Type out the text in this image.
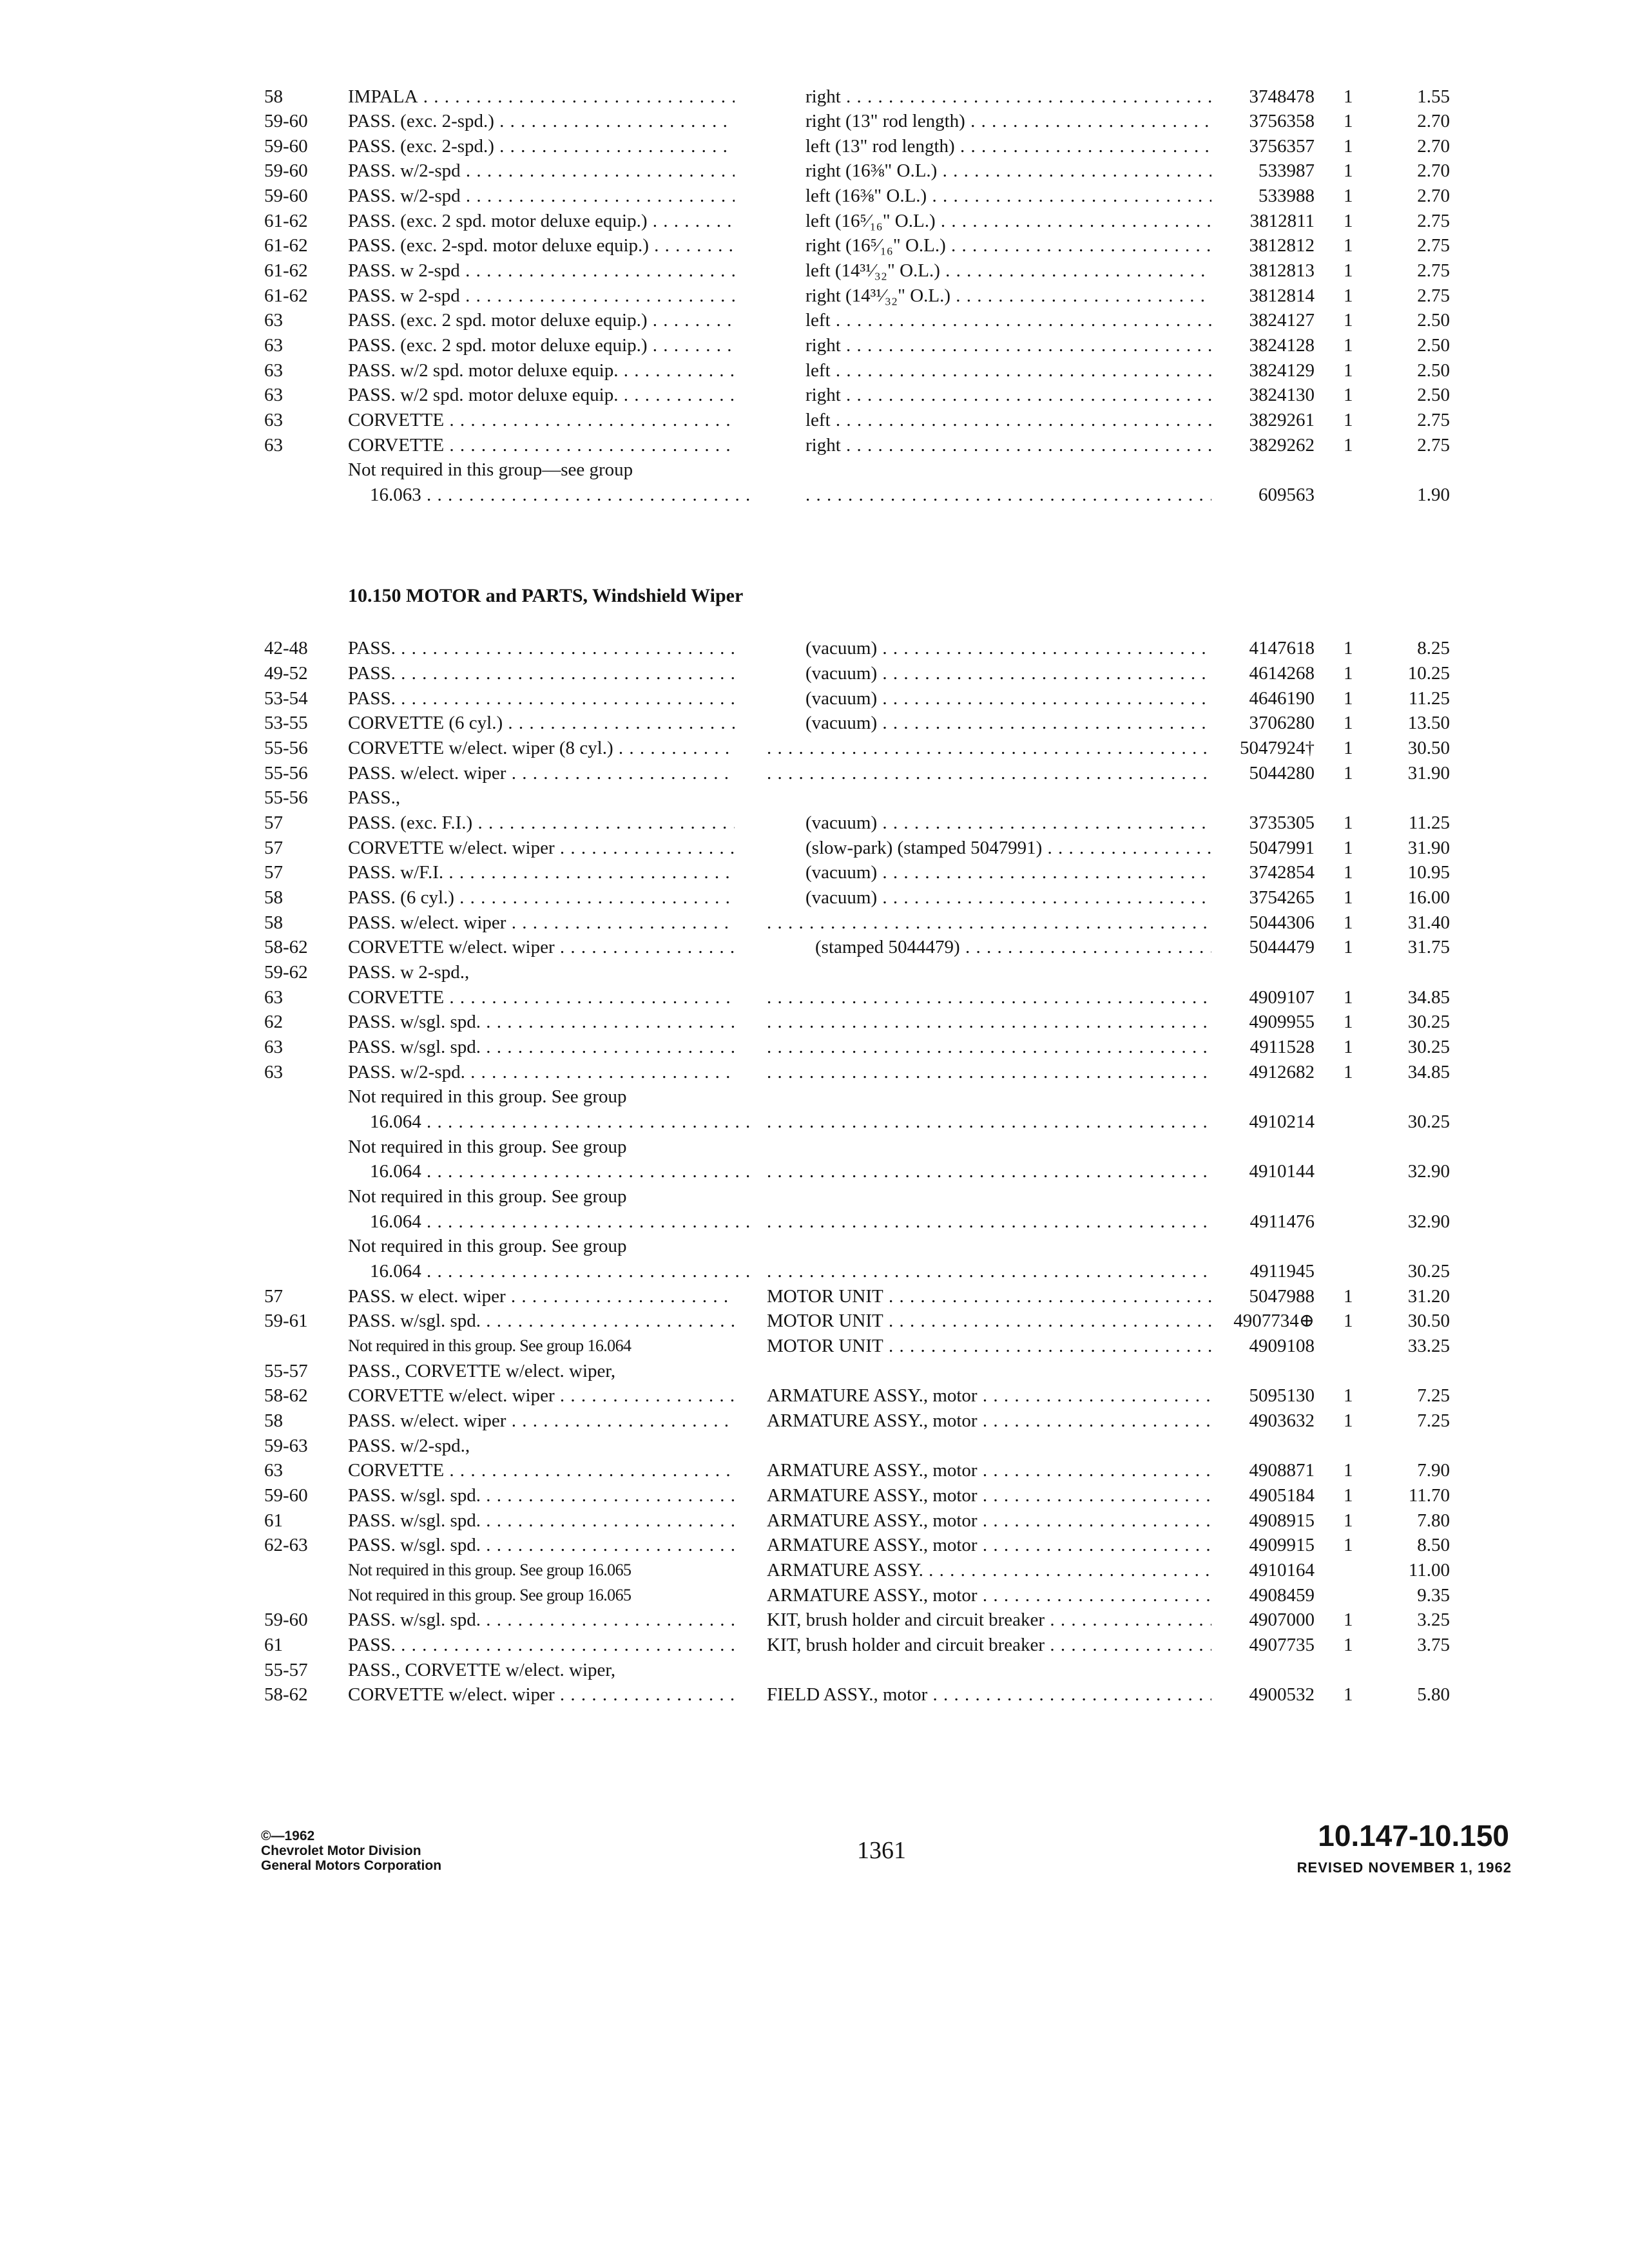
58	IMPALA . . .	right . . .	3748478 1	1.55
59-60	PASS. (exc. 2-spd.) . . .	right (13" rod length) . . .	3756358 1	2.70
59-60	PASS. (exc. 2-spd.) . . .	left (13" rod length) . . .	3756357 1	2.70
59-60	PASS. w/2-spd . . .	right (16⅜" O.L.) . . .	533987 1	2.70
59-60	PASS. w/2-spd . . .	left (16⅜" O.L.) . . .	533988 1	2.70
61-62	PASS. (exc. 2 spd. motor deluxe equip.) . . .	left (16⁵⁄₁₆" O.L.) . . .	3812811 1	2.75
61-62	PASS. (exc. 2-spd. motor deluxe equip.) . . .	right (16⁵⁄₁₆" O.L.) . . .	3812812 1	2.75
61-62	PASS. w 2-spd . . .	left (14³¹⁄₃₂" O.L.) . . .	3812813 1	2.75
61-62	PASS. w 2-spd . . .	right (14³¹⁄₃₂" O.L.) . . .	3812814 1	2.75
63	PASS. (exc. 2 spd. motor deluxe equip.) . . .	left . . .	3824127 1	2.50
63	PASS. (exc. 2 spd. motor deluxe equip.) . . .	right . . .	3824128 1	2.50
63	PASS. w/2 spd. motor deluxe equip. . . .	left . . .	3824129 1	2.50
63	PASS. w/2 spd. motor deluxe equip. . . .	right . . .	3824130 1	2.50
63	CORVETTE . . .	left . . .	3829261 1	2.75
63	CORVETTE . . .	right . . .	3829262 1	2.75
Not required in this group—see group
16.063 . . . . . .	609563	1.90
42-48	PASS. . . .	(vacuum) . . .	4147618 1	8.25
49-52	PASS. . . .	(vacuum) . . .	4614268 1	10.25
53-54	PASS. . . .	(vacuum) . . .	4646190 1	11.25
53-55	CORVETTE (6 cyl.) . . .	(vacuum) . . .	3706280 1	13.50
55-56	CORVETTE w/elect. wiper (8 cyl.) . . . . . .	5047924† 1	30.50
55-56	PASS. w/elect. wiper . . . . . .	5044280 1	31.90
55-56	PASS.,
57	PASS. (exc. F.I.) . . .	(vacuum) . . .	3735305 1	11.25
57	CORVETTE w/elect. wiper . . .	(slow-park) (stamped 5047991) . . .	5047991 1	31.90
57	PASS. w/F.I. . . .	(vacuum) . . .	3742854 1	10.95
58	PASS. (6 cyl.) . . .	(vacuum) . . .	3754265 1	16.00
58	PASS. w/elect. wiper . . . . . .	5044306 1	31.40
58-62	CORVETTE w/elect. wiper . . .	(stamped 5044479) . . .	5044479 1	31.75
59-62	PASS. w 2-spd.,
63	CORVETTE . . . . . .	4909107 1	34.85
62	PASS. w/sgl. spd. . . . . . .	4909955 1	30.25
63	PASS. w/sgl. spd. . . . . . .	4911528 1	30.25
63	PASS. w/2-spd. . . . . . .	4912682 1	34.85
Not required in this group. See group
16.064 . . . . . .	4910214	30.25
Not required in this group. See group
16.064 . . . . . .	4910144	32.90
Not required in this group. See group
16.064 . . . . . .	4911476	32.90
Not required in this group. See group
16.064 . . . . . .	4911945	30.25
57	PASS. w elect. wiper . . .	MOTOR UNIT . . .	5047988 1	31.20
59-61	PASS. w/sgl. spd. . . .	MOTOR UNIT . . .	4907734⊕ 1	30.50
Not required in this group. See group 16.064	MOTOR UNIT . . .	4909108	33.25
55-57	PASS., CORVETTE w/elect. wiper,
58-62	CORVETTE w/elect. wiper . . .	ARMATURE ASSY., motor . . .	5095130 1	7.25
58	PASS. w/elect. wiper . . .	ARMATURE ASSY., motor . . .	4903632 1	7.25
59-63	PASS. w/2-spd.,
63	CORVETTE . . .	ARMATURE ASSY., motor . . .	4908871 1	7.90
59-60	PASS. w/sgl. spd. . . .	ARMATURE ASSY., motor . . .	4905184 1	11.70
61	PASS. w/sgl. spd. . . .	ARMATURE ASSY., motor . . .	4908915 1	7.80
62-63	PASS. w/sgl. spd. . . .	ARMATURE ASSY., motor . . .	4909915 1	8.50
Not required in this group. See group 16.065	ARMATURE ASSY. . . .	4910164	11.00
Not required in this group. See group 16.065	ARMATURE ASSY., motor . . .	4908459	9.35
59-60	PASS. w/sgl. spd. . . .	KIT, brush holder and circuit breaker . . .	4907000 1	3.25
61	PASS. . . .	KIT, brush holder and circuit breaker . . .	4907735 1	3.75
55-57	PASS., CORVETTE w/elect. wiper,
58-62	CORVETTE w/elect. wiper . . .	FIELD ASSY., motor . . .	4900532 1	5.80
10.150 MOTOR and PARTS, Windshield Wiper
©—1962
Chevrolet Motor Division
General Motors Corporation
1361	10.147-10.150
REVISED NOVEMBER 1, 1962
